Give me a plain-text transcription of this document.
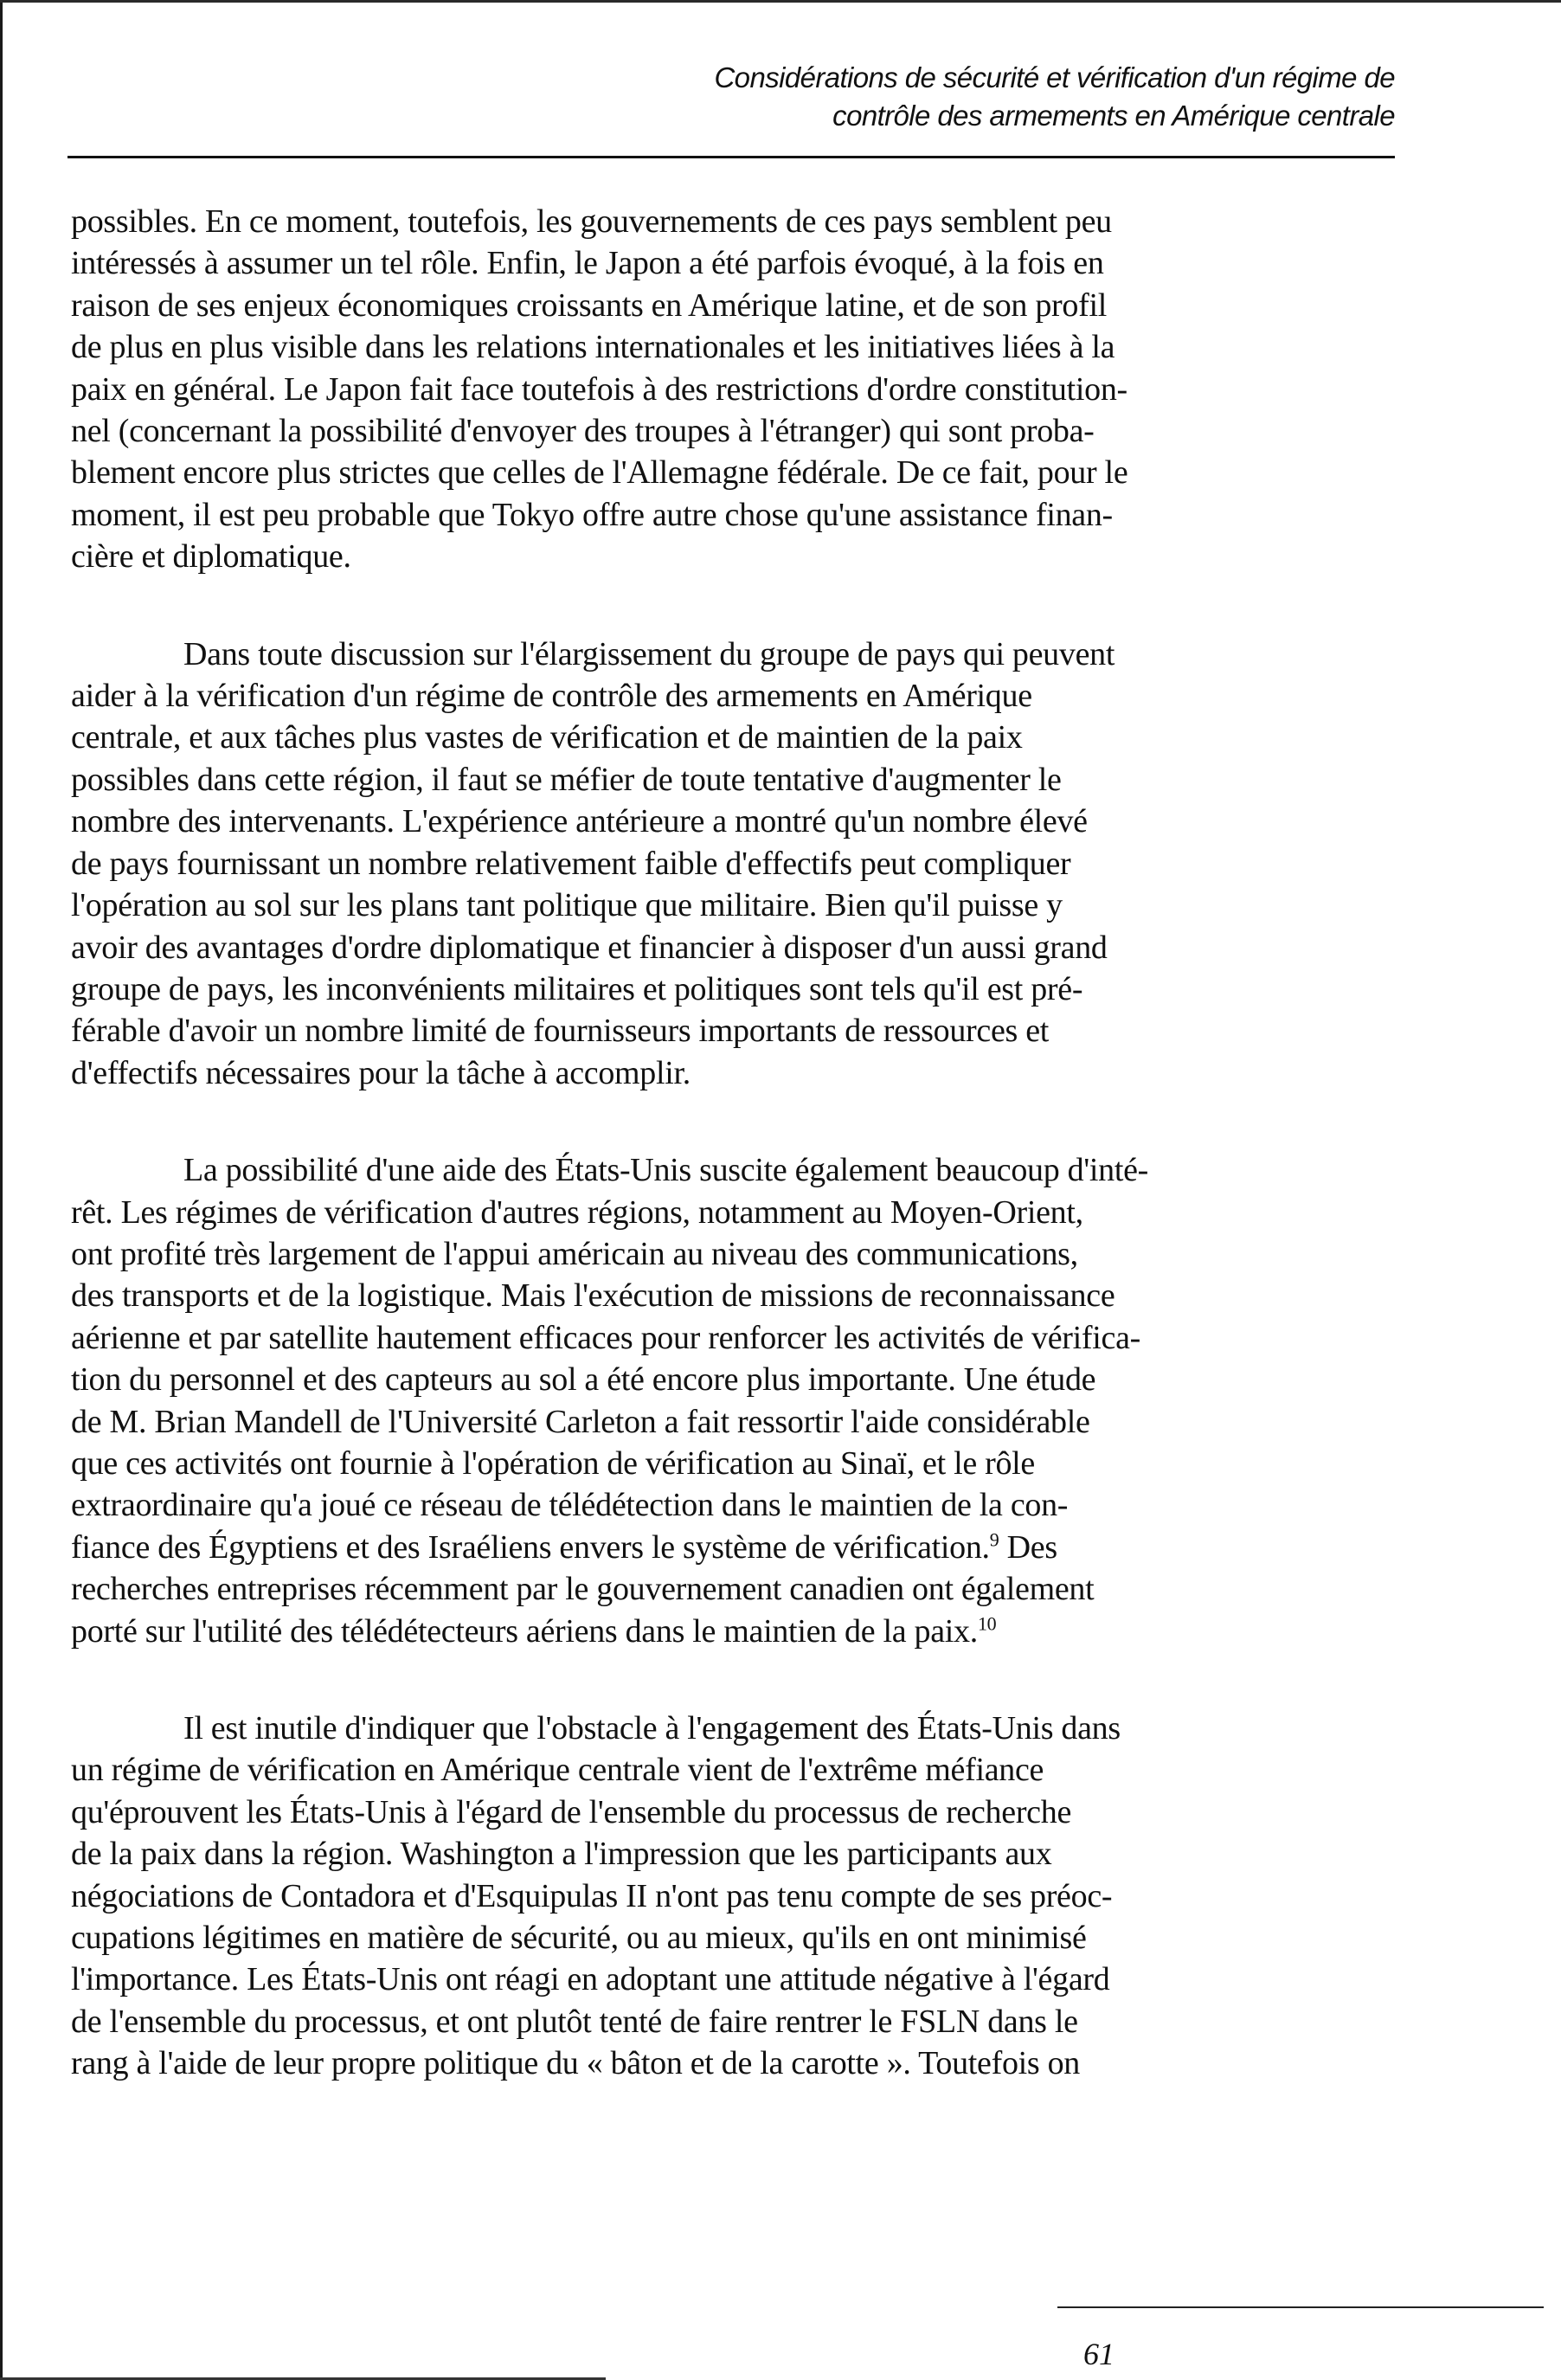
Considérations de sécurité et vérification d'un régime de
contrôle des armements en Amérique centrale

possibles. En ce moment, toutefois, les gouvernements de ces pays semblent peu
intéressés à assumer un tel rôle. Enfin, le Japon a été parfois évoqué, à la fois en
raison de ses enjeux économiques croissants en Amérique latine, et de son profil
de plus en plus visible dans les relations internationales et les initiatives liées à la
paix en général. Le Japon fait face toutefois à des restrictions d'ordre constitution-
nel (concernant la possibilité d'envoyer des troupes à l'étranger) qui sont proba-
blement encore plus strictes que celles de l'Allemagne fédérale. De ce fait, pour le
moment, il est peu probable que Tokyo offre autre chose qu'une assistance finan-
cière et diplomatique.

Dans toute discussion sur l'élargissement du groupe de pays qui peuvent
aider à la vérification d'un régime de contrôle des armements en Amérique
centrale, et aux tâches plus vastes de vérification et de maintien de la paix
possibles dans cette région, il faut se méfier de toute tentative d'augmenter le
nombre des intervenants. L'expérience antérieure a montré qu'un nombre élevé
de pays fournissant un nombre relativement faible d'effectifs peut compliquer
l'opération au sol sur les plans tant politique que militaire. Bien qu'il puisse y
avoir des avantages d'ordre diplomatique et financier à disposer d'un aussi grand
groupe de pays, les inconvénients militaires et politiques sont tels qu'il est pré-
férable d'avoir un nombre limité de fournisseurs importants de ressources et
d'effectifs nécessaires pour la tâche à accomplir.

La possibilité d'une aide des États-Unis suscite également beaucoup d'inté-
rêt. Les régimes de vérification d'autres régions, notamment au Moyen-Orient,
ont profité très largement de l'appui américain au niveau des communications,
des transports et de la logistique. Mais l'exécution de missions de reconnaissance
aérienne et par satellite hautement efficaces pour renforcer les activités de vérifica-
tion du personnel et des capteurs au sol a été encore plus importante. Une étude
de M. Brian Mandell de l'Université Carleton a fait ressortir l'aide considérable
que ces activités ont fournie à l'opération de vérification au Sinaï, et le rôle
extraordinaire qu'a joué ce réseau de télédétection dans le maintien de la con-
fiance des Égyptiens et des Israéliens envers le système de vérification.$^9$ Des
recherches entreprises récemment par le gouvernement canadien ont également
porté sur l'utilité des télédétecteurs aériens dans le maintien de la paix.$^{10}$

Il est inutile d'indiquer que l'obstacle à l'engagement des États-Unis dans
un régime de vérification en Amérique centrale vient de l'extrême méfiance
qu'éprouvent les États-Unis à l'égard de l'ensemble du processus de recherche
de la paix dans la région. Washington a l'impression que les participants aux
négociations de Contadora et d'Esquipulas II n'ont pas tenu compte de ses préoc-
cupations légitimes en matière de sécurité, ou au mieux, qu'ils en ont minimisé
l'importance. Les États-Unis ont réagi en adoptant une attitude négative à l'égard
de l'ensemble du processus, et ont plutôt tenté de faire rentrer le FSLN dans le
rang à l'aide de leur propre politique du « bâton et de la carotte ». Toutefois on

61
